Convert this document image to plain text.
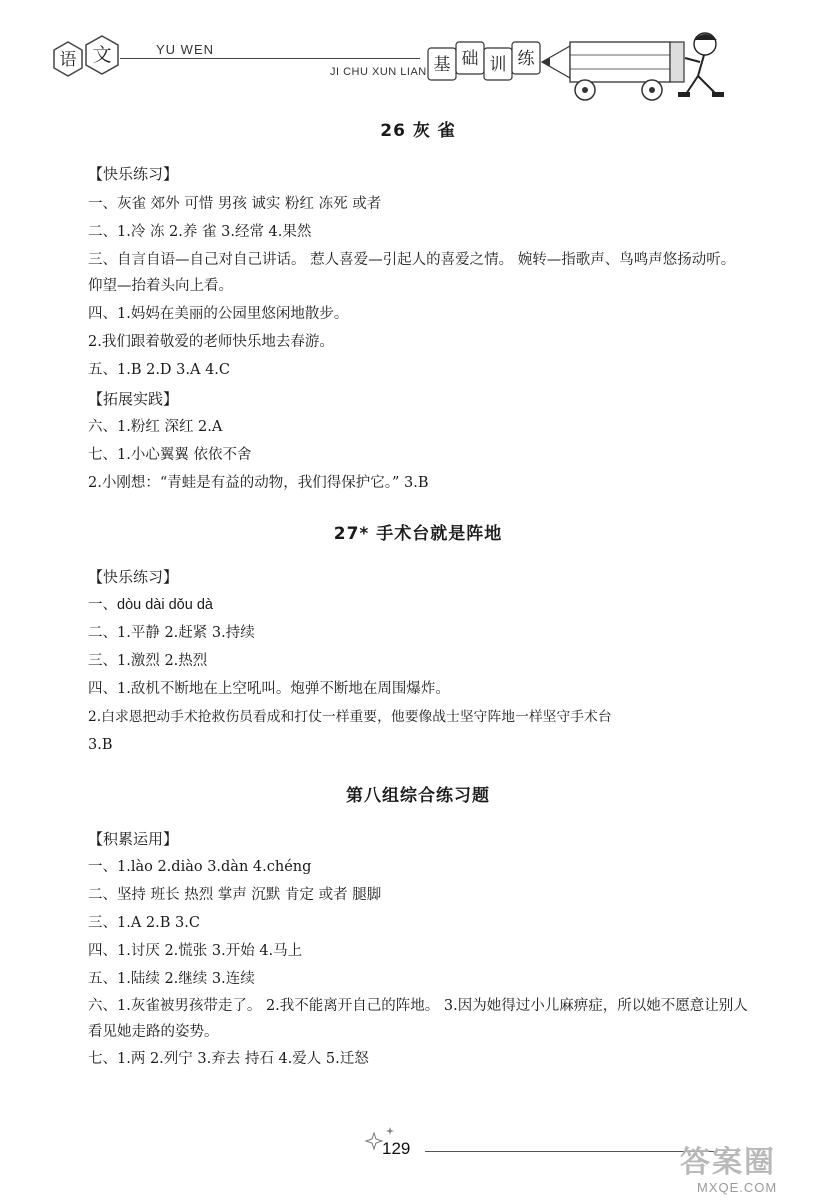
语 文	YU WEN
JI CHU XUN LIAN 基 础 训 练
26 灰 雀

【快乐练习】

一、灰雀 郊外 可惜 男孩 诚实 粉红 冻死 或者

二、1.冷 冻 2.养 雀 3.经常 4.果然

三、自言自语—自己对自己讲话。 惹人喜爱—引起人的喜爱之情。 婉转—指歌声、鸟鸣声悠扬动听。 仰望—抬着头向上看。

四、1.妈妈在美丽的公园里悠闲地散步。

2.我们跟着敬爱的老师快乐地去春游。

五、1.B 2.D 3.A 4.C

【拓展实践】

六、1.粉红 深红 2.A

七、1.小心翼翼 依依不舍

2.小刚想：“青蛙是有益的动物，我们得保护它。” 3.B

27* 手术台就是阵地

【快乐练习】

一、dòu dài dǒu dà

二、1.平静 2.赶紧 3.持续

三、1.激烈 2.热烈

四、1.敌机不断地在上空吼叫。炮弹不断地在周围爆炸。

2.白求恩把动手术抢救伤员看成和打仗一样重要，他要像战士坚守阵地一样坚守手术台

3.B

第八组综合练习题

【积累运用】

一、1.lào 2.diào 3.dàn 4.chéng

二、坚持 班长 热烈 掌声 沉默 肯定 或者 腿脚

三、1.A 2.B 3.C

四、1.讨厌 2.慌张 3.开始 4.马上

五、1.陆续 2.继续 3.连续

六、1.灰雀被男孩带走了。 2.我不能离开自己的阵地。 3.因为她得过小儿麻痹症，所以她不愿意让别人看见她走路的姿势。

七、1.两 2.列宁 3.弃去 持石 4.爱人 5.迁怒

129	答案圈
MXQE.COM
